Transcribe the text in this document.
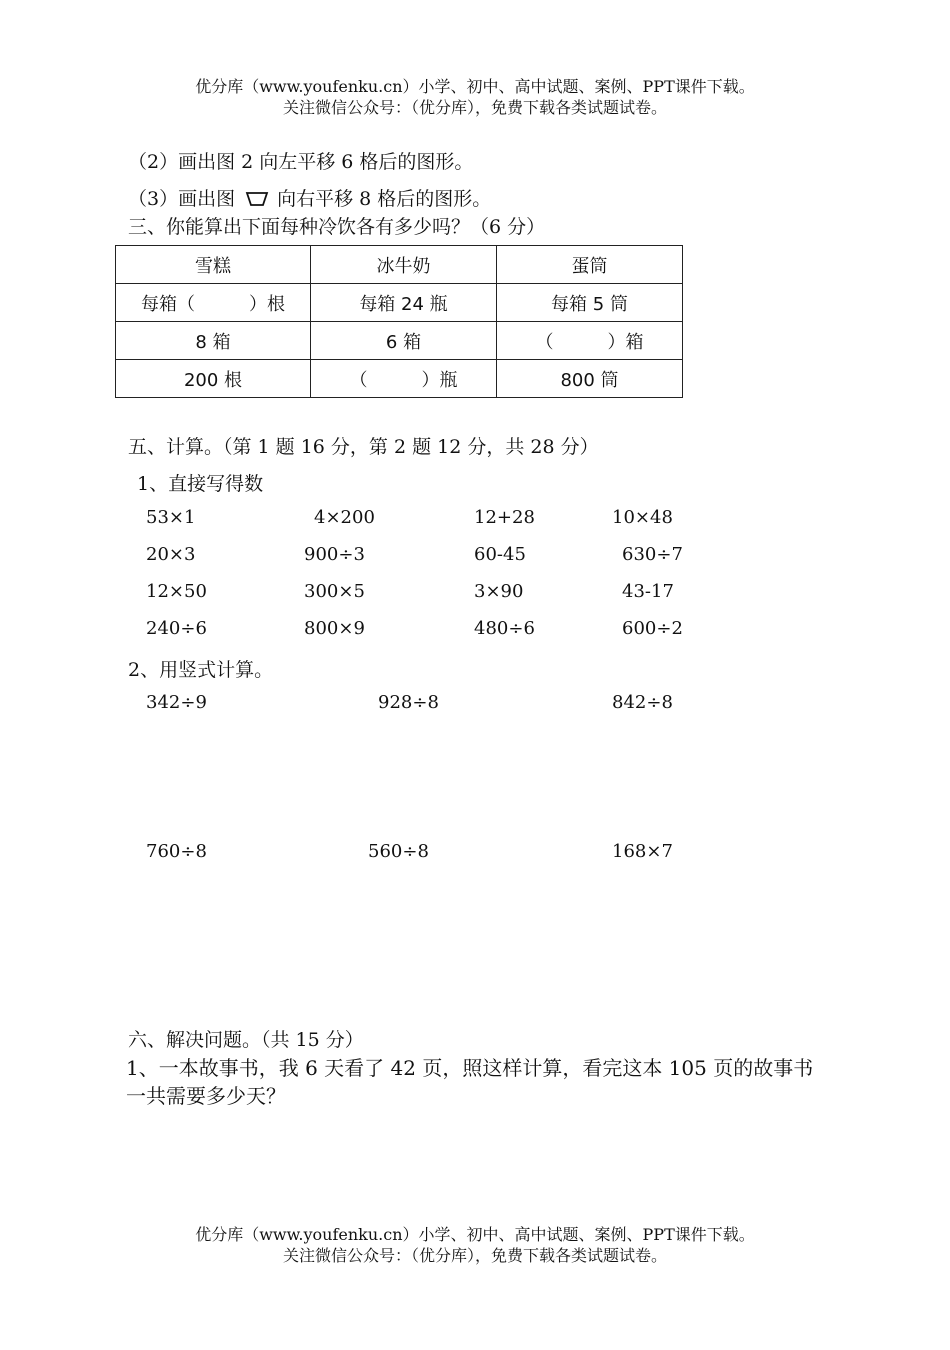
优分库（www.youfenku.cn）小学、初中、高中试题、案例、PPT课件下载。
关注微信公众号：（优分库），免费下载各类试题试卷。
（2）画出图 2 向左平移 6 格后的图形。
（3）画出图 向右平移 8 格后的图形。
三、你能算出下面每种冷饮各有多少吗？（6 分）
雪糕	冰牛奶	蛋筒
每箱（　　　）根	每箱 24 瓶	每箱 5 筒
8 箱	6 箱	（　　　）箱
200 根	（　　　）瓶	800 筒
五、计算。（第 1 题 16 分，第 2 题 12 分，共 28 分）
1、直接写得数
53×1	4×200	12+28	10×48
20×3	900÷3	60-45	630÷7
12×50	300×5	3×90	43-17
240÷6	800×9	480÷6	600÷2
2、用竖式计算。
342÷9	928÷8	842÷8
760÷8	560÷8	168×7
六、解决问题。（共 15 分）
1、一本故事书，我 6 天看了 42 页，照这样计算，看完这本 105 页的故事书
一共需要多少天？
优分库（www.youfenku.cn）小学、初中、高中试题、案例、PPT课件下载。
关注微信公众号：（优分库），免费下载各类试题试卷。
